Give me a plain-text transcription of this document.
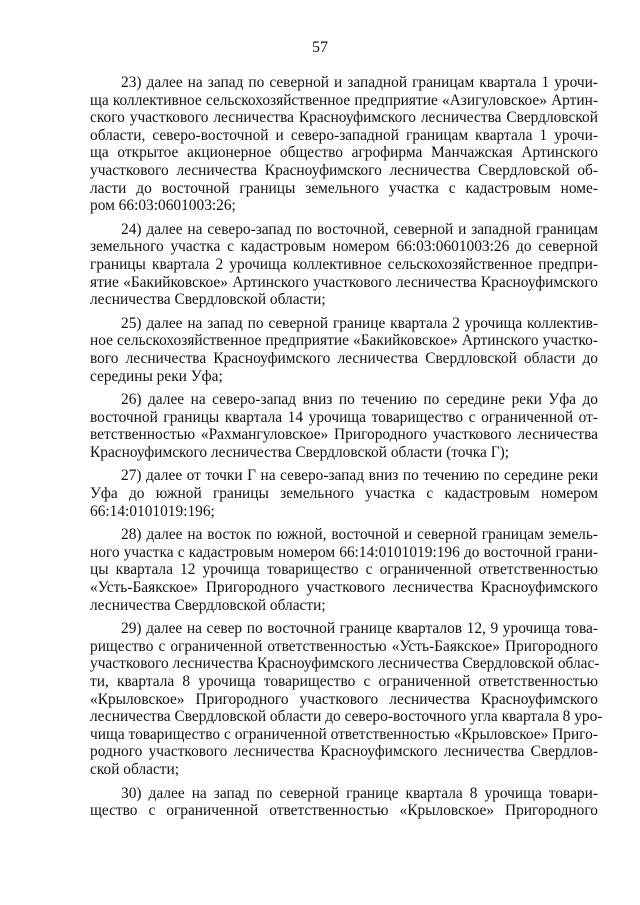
57
23) далее на запад по северной и западной границам квартала 1 урочи-
ща коллективное сельскохозяйственное предприятие «Азигуловское» Артин-
ского участкового лесничества Красноуфимского лесничества Свердловской
области, северо-восточной и северо-западной границам квартала 1 урочи-
ща открытое акционерное общество агрофирма Манчажская Артинского
участкового лесничества Красноуфимского лесничества Свердловской об-
ласти до восточной границы земельного участка с кадастровым номе-
ром 66:03:0601003:26;
24) далее на северо-запад по восточной, северной и западной границам
земельного участка с кадастровым номером 66:03:0601003:26 до северной
границы квартала 2 урочища коллективное сельскохозяйственное предпри-
ятие «Бакийковское» Артинского участкового лесничества Красноуфимского
лесничества Свердловской области;
25) далее на запад по северной границе квартала 2 урочища коллектив-
ное сельскохозяйственное предприятие «Бакийковское» Артинского участко-
вого лесничества Красноуфимского лесничества Свердловской области до
середины реки Уфа;
26) далее на северо-запад вниз по течению по середине реки Уфа до
восточной границы квартала 14 урочища товарищество с ограниченной от-
ветственностью «Рахмангуловское» Пригородного участкового лесничества
Красноуфимского лесничества Свердловской области (точка Г);
27) далее от точки Г на северо-запад вниз по течению по середине реки
Уфа до южной границы земельного участка с кадастровым номером
66:14:0101019:196;
28) далее на восток по южной, восточной и северной границам земель-
ного участка с кадастровым номером 66:14:0101019:196 до восточной грани-
цы квартала 12 урочища товарищество с ограниченной ответственностью
«Усть-Баякское» Пригородного участкового лесничества Красноуфимского
лесничества Свердловской области;
29) далее на север по восточной границе кварталов 12, 9 урочища това-
рищество с ограниченной ответственностью «Усть-Баякское» Пригородного
участкового лесничества Красноуфимского лесничества Свердловской облас-
ти, квартала 8 урочища товарищество с ограниченной ответственностью
«Крыловское» Пригородного участкового лесничества Красноуфимского
лесничества Свердловской области до северо-восточного угла квартала 8 уро-
чища товарищество с ограниченной ответственностью «Крыловское» Приго-
родного участкового лесничества Красноуфимского лесничества Свердлов-
ской области;
30) далее на запад по северной границе квартала 8 урочища товари-
щество с ограниченной ответственностью «Крыловское» Пригородного
